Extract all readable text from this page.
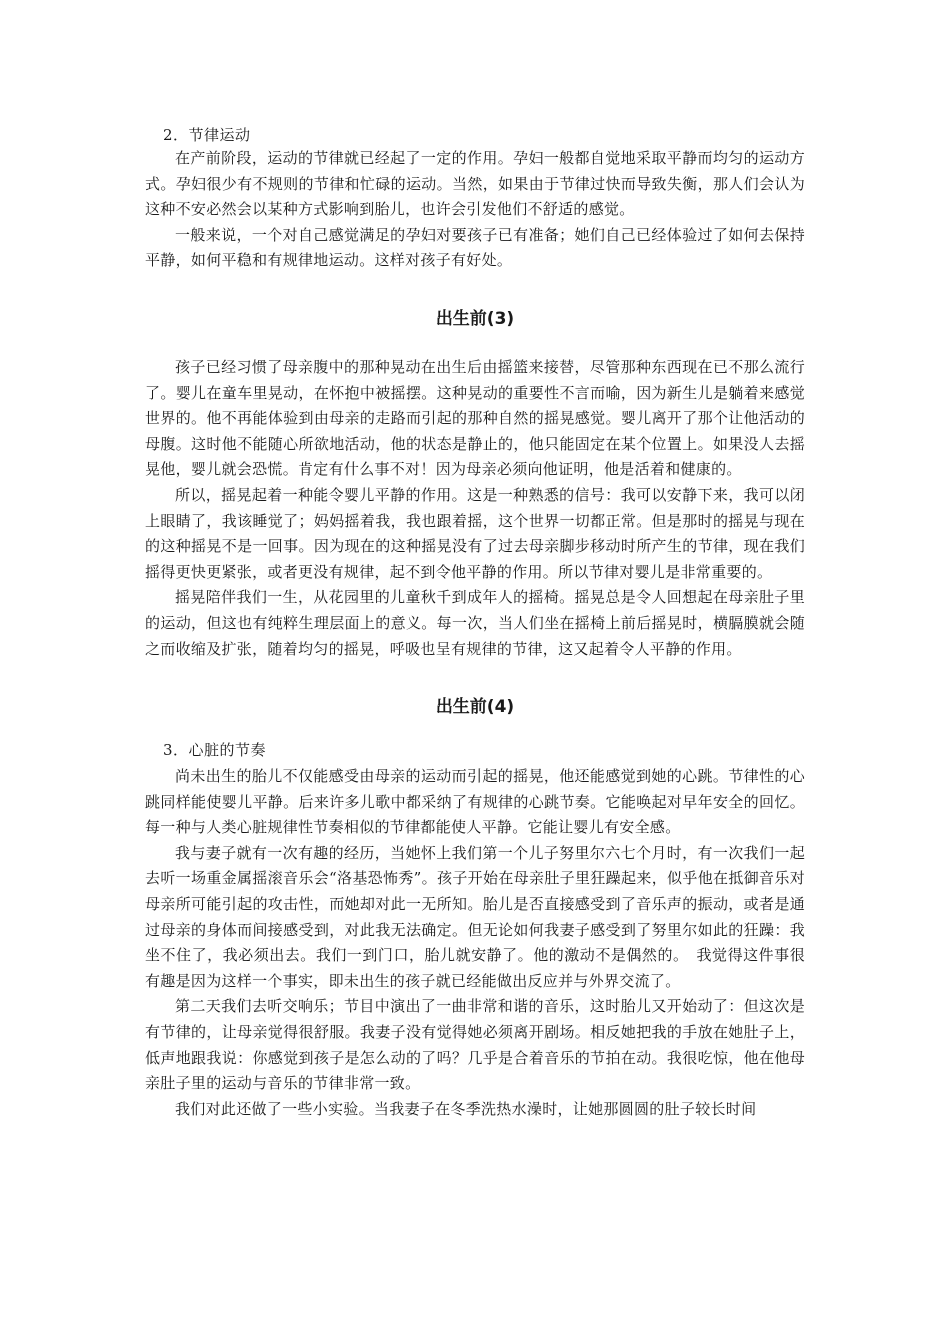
2．节律运动

在产前阶段，运动的节律就已经起了一定的作用。孕妇一般都自觉地采取平静而均匀的运动方式。孕妇很少有不规则的节律和忙碌的运动。当然，如果由于节律过快而导致失衡，那人们会认为这种不安必然会以某种方式影响到胎儿，也许会引发他们不舒适的感觉。

一般来说，一个对自己感觉满足的孕妇对要孩子已有准备；她们自己已经体验过了如何去保持平静，如何平稳和有规律地运动。这样对孩子有好处。

出生前(3)

孩子已经习惯了母亲腹中的那种晃动在出生后由摇篮来接替，尽管那种东西现在已不那么流行了。婴儿在童车里晃动，在怀抱中被摇摆。这种晃动的重要性不言而喻，因为新生儿是躺着来感觉世界的。他不再能体验到由母亲的走路而引起的那种自然的摇晃感觉。婴儿离开了那个让他活动的母腹。这时他不能随心所欲地活动，他的状态是静止的，他只能固定在某个位置上。如果没人去摇晃他，婴儿就会恐慌。肯定有什么事不对！因为母亲必须向他证明，他是活着和健康的。

所以，摇晃起着一种能令婴儿平静的作用。这是一种熟悉的信号：我可以安静下来，我可以闭上眼睛了，我该睡觉了；妈妈摇着我，我也跟着摇，这个世界一切都正常。但是那时的摇晃与现在的这种摇晃不是一回事。因为现在的这种摇晃没有了过去母亲脚步移动时所产生的节律，现在我们摇得更快更紧张，或者更没有规律，起不到令他平静的作用。所以节律对婴儿是非常重要的。

摇晃陪伴我们一生，从花园里的儿童秋千到成年人的摇椅。摇晃总是令人回想起在母亲肚子里的运动，但这也有纯粹生理层面上的意义。每一次，当人们坐在摇椅上前后摇晃时，横膈膜就会随之而收缩及扩张，随着均匀的摇晃，呼吸也呈有规律的节律，这又起着令人平静的作用。

出生前(4)

3．心脏的节奏

尚未出生的胎儿不仅能感受由母亲的运动而引起的摇晃，他还能感觉到她的心跳。节律性的心跳同样能使婴儿平静。后来许多儿歌中都采纳了有规律的心跳节奏。它能唤起对早年安全的回忆。每一种与人类心脏规律性节奏相似的节律都能使人平静。它能让婴儿有安全感。

我与妻子就有一次有趣的经历，当她怀上我们第一个儿子努里尔六七个月时，有一次我们一起去听一场重金属摇滚音乐会“洛基恐怖秀”。孩子开始在母亲肚子里狂躁起来，似乎他在抵御音乐对母亲所可能引起的攻击性，而她却对此一无所知。胎儿是否直接感受到了音乐声的振动，或者是通过母亲的身体而间接感受到，对此我无法确定。但无论如何我妻子感受到了努里尔如此的狂躁：我坐不住了，我必须出去。我们一到门口，胎儿就安静了。他的激动不是偶然的。　我觉得这件事很有趣是因为这样一个事实，即未出生的孩子就已经能做出反应并与外界交流了。

第二天我们去听交响乐；节目中演出了一曲非常和谐的音乐，这时胎儿又开始动了：但这次是有节律的，让母亲觉得很舒服。我妻子没有觉得她必须离开剧场。相反她把我的手放在她肚子上，低声地跟我说：你感觉到孩子是怎么动的了吗？几乎是合着音乐的节拍在动。我很吃惊，他在他母亲肚子里的运动与音乐的节律非常一致。

我们对此还做了一些小实验。当我妻子在冬季洗热水澡时，让她那圆圆的肚子较长时间
